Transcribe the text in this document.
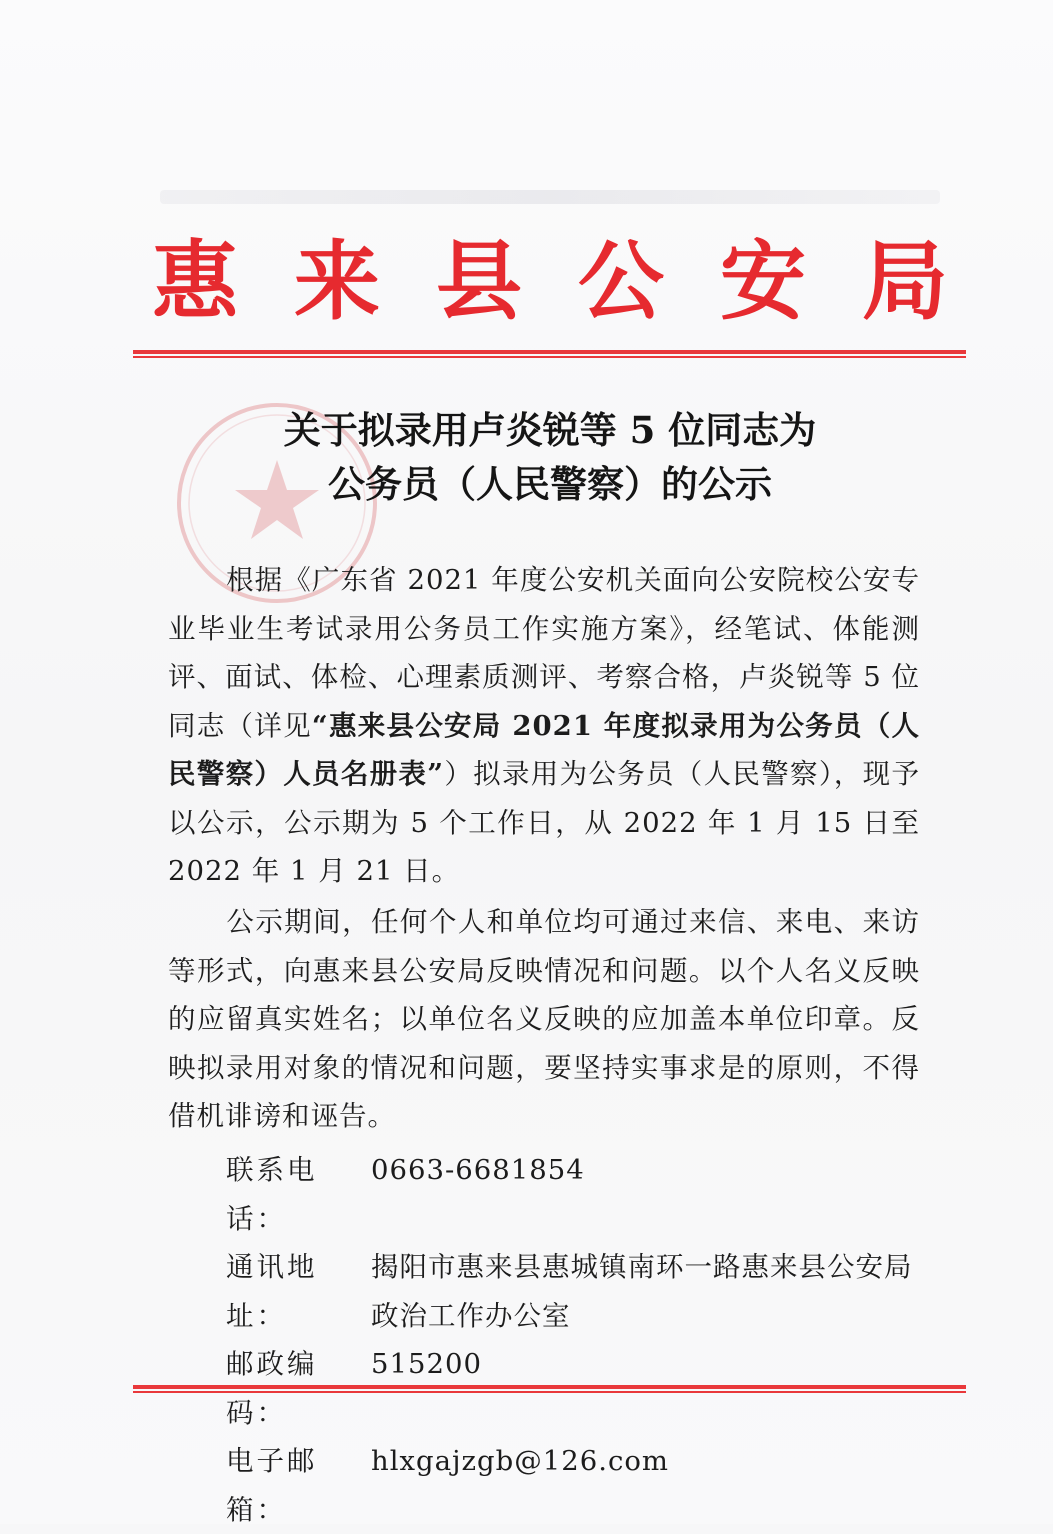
惠 来 县 公 安 局
关于拟录用卢炎锐等 5 位同志为
公务员（人民警察）的公示

根据《广东省 2021 年度公安机关面向公安院校公安专业毕业生考试录用公务员工作实施方案》，经笔试、体能测评、面试、体检、心理素质测评、考察合格，卢炎锐等 5 位同志（详见“惠来县公安局 2021 年度拟录用为公务员（人民警察）人员名册表”）拟录用为公务员（人民警察），现予以公示，公示期为 5 个工作日，从 2022 年 1 月 15 日至 2022 年 1 月 21 日。

公示期间，任何个人和单位均可通过来信、来电、来访等形式，向惠来县公安局反映情况和问题。以个人名义反映的应留真实姓名；以单位名义反映的应加盖本单位印章。反映拟录用对象的情况和问题，要坚持实事求是的原则，不得借机诽谤和诬告。

联系电话：
0663-6681854
通讯地址：
揭阳市惠来县惠城镇南环一路惠来县公安局政治工作办公室
邮政编码：
515200
电子邮箱：
hlxgajzgb@126.com
